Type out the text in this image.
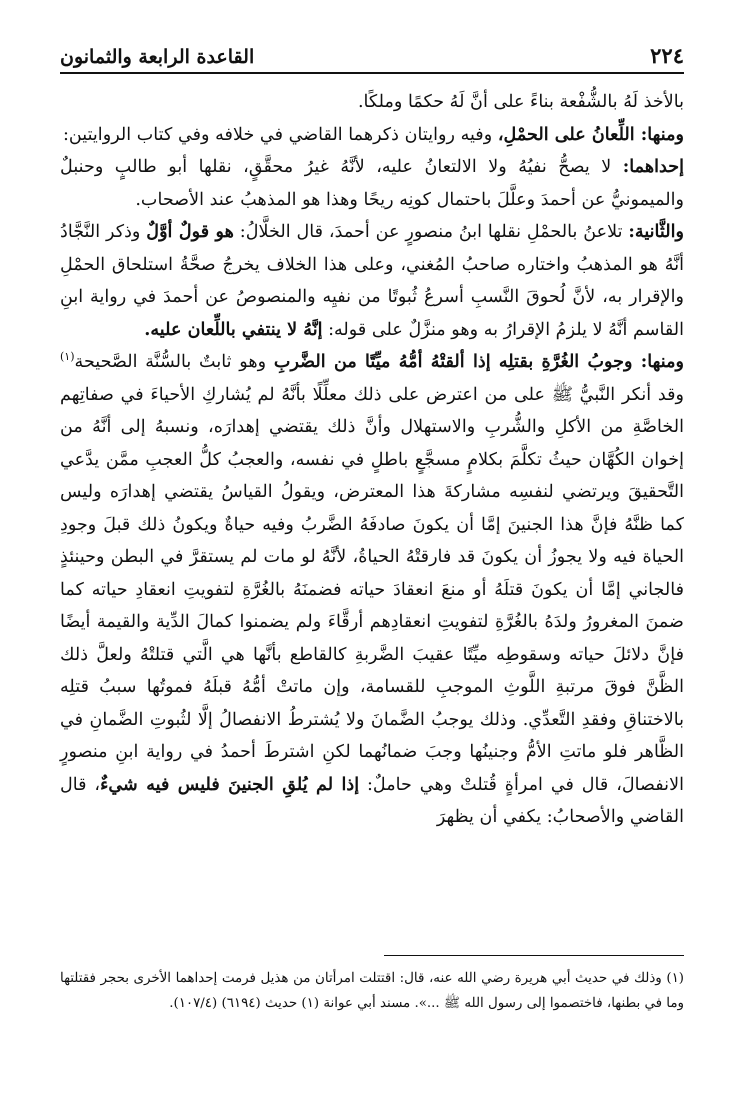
٢٢٤
القاعدة الرابعة والثمانون

بالأخذ لَهُ بالشُّفْعة بناءً على أنَّ لَهُ حكمًا وملكًا.

ومنها: اللِّعانُ على الحمْلِ، وفيه روايتان ذكرهما القاضي في خلافه وفي كتاب الروايتين:

إحداهما: لا يصحُّ نفيُهُ ولا الالتعانُ عليه، لأنَّهُ غيرُ محقَّقٍ، نقلها أبو طالبٍ وحنبلٌ والميمونيُّ عن أحمدَ وعلَّلَ باحتمال كونِه ريحًا وهذا هو المذهبُ عند الأصحاب.

والثَّانية: تلاعنُ بالحمْلِ نقلها ابنُ منصورٍ عن أحمدَ، قال الخلَّالُ: هو قولٌ أوَّلٌ وذكر النَّجَّادُ أنَّهُ هو المذهبُ واختاره صاحبُ المُغني، وعلى هذا الخلاف يخرجُ صحَّةُ استلحاق الحمْلِ والإقرار به، لأنَّ لُحوقَ النَّسبِ أسرعُ ثُبوتًا من نفيِه والمنصوصُ عن أحمدَ في رواية ابنِ القاسم أنَّهُ لا يلزمُ الإقرارُ به وهو منزَّلٌ على قوله: إنَّهُ لا ينتفي باللِّعان عليه.

ومنها: وجوبُ الغُرَّةِ بقتلِه إذا ألقتْهُ أمُّهُ ميِّتًا من الضَّربِ وهو ثابتٌ بالسُّنَّة الصَّحيحة$^{(١)}$ وقد أنكر النَّبيُّ ﷺ على من اعترض على ذلك معلِّلًا بأنَّهُ لم يُشاركِ الأحياءَ في صفاتِهم الخاصَّةِ من الأكلِ والشُّربِ والاستهلال وأنَّ ذلك يقتضي إهدارَه، ونسبهُ إلى أنَّهُ من إخوان الكُهَّان حيثُ تكلَّمَ بكلامٍ مسجَّعٍ باطلٍ في نفسه، والعجبُ كلُّ العجبِ ممَّن يدَّعي التَّحقيقَ ويرتضي لنفسِه مشاركةَ هذا المعترض، ويقولُ القياسُ يقتضي إهدارَه وليس كما ظنَّهُ فإنَّ هذا الجنينَ إمَّا أن يكونَ صادفَهُ الضَّربُ وفيه حياةٌ ويكونُ ذلك قبلَ وجودِ الحياة فيه ولا يجوزُ أن يكونَ قد فارقتْهُ الحياةُ، لأنَّهُ لو مات لم يستقرَّ في البطن وحينئذٍ فالجاني إمَّا أن يكونَ قتلَهُ أو منعَ انعقادَ حياته فضمنَهُ بالغُرَّةِ لتفويتِ انعقادِ حياته كما ضمنَ المغرورُ ولدَهُ بالغُرَّةِ لتفويتِ انعقادِهم أرقَّاءَ ولم يضمنوا كمالَ الدِّية والقيمة أيضًا فإنَّ دلائلَ حياته وسقوطِه ميِّتًا عقيبَ الضَّربةِ كالقاطع بأنَّها هي الَّتي قتلتْهُ ولعلَّ ذلك الظَّنَّ فوقَ مرتبةِ اللَّوثِ الموجبِ للقسامة، وإن ماتتْ أمُّهُ قبلَهُ فموتُها سببُ قتلِه بالاختناقِ وفقدِ التَّعدِّي. وذلك يوجبُ الضَّمانَ ولا يُشترطُ الانفصالُ إلَّا لثُبوتِ الضَّمانِ في الظَّاهر فلو ماتتِ الأمُّ وجنينُها وجبَ ضمانُهما لكنِ اشترطَ أحمدُ في رواية ابنِ منصورٍ الانفصالَ، قال في امرأةٍ قُتلتْ وهي حاملٌ: إذا لم يُلقِ الجنينَ فليس فيه شيءٌ، قال القاضي والأصحابُ: يكفي أن يظهرَ

(١) وذلك في حديث أبي هريرة رضي الله عنه، قال: اقتتلت امرأتان من هذيل فرمت إحداهما الأخرى بحجر فقتلتها وما في بطنها، فاختصموا إلى رسول الله ﷺ ...». مسند أبي عوانة (١) حديث (٦١٩٤) (١٠٧/٤).
